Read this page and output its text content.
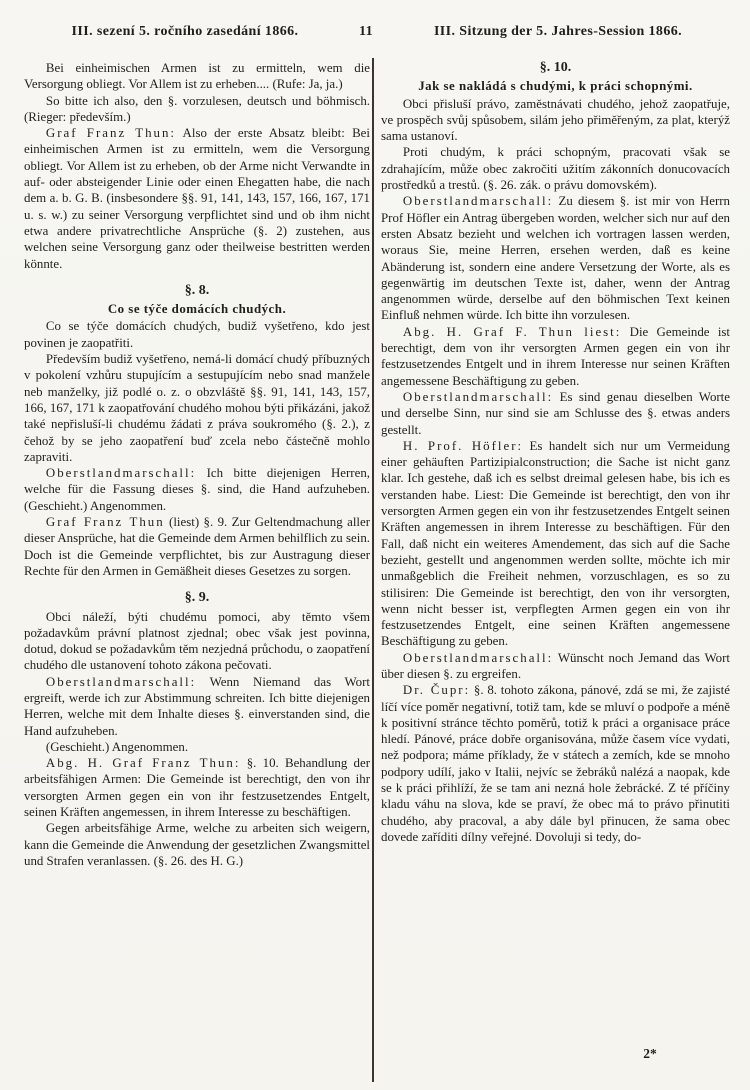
III. sezení 5. ročního zasedání 1866.	11	III. Sitzung der 5. Jahres-Session 1866.
Bei einheimischen Armen ist zu ermitteln, wem die Versorgung obliegt. Vor Allem ist zu erheben.... (Rufe: Ja, ja.)
So bitte ich also, den §. vorzulesen, deutsch und böhmisch. (Rieger: především.)
Graf Franz Thun: Also der erste Absatz bleibt: Bei einheimischen Armen ist zu ermitteln, wem die Versorgung obliegt. Vor Allem ist zu erheben, ob der Arme nicht Verwandte in auf- oder absteigender Linie oder einen Ehegatten habe, die nach dem a. b. G. B. (insbesondere §§. 91, 141, 143, 157, 166, 167, 171 u. s. w.) zu seiner Versorgung verpflichtet sind und ob ihm nicht etwa andere privatrechtliche Ansprüche (§. 2) zustehen, aus welchen seine Versorgung ganz oder theilweise bestritten werden könnte.
§. 8.
Co se týče domácích chudých.
Co se týče domácích chudých, budiž vyšetřeno, kdo jest povinen je zaopatřiti.
Především budiž vyšetřeno, nemá-li domácí chudý příbuzných v pokolení vzhůru stupujícím a sestupujícím nebo snad manžele neb manželky, již podlé o. z. o obzvláště §§. 91, 141, 143, 157, 166, 167, 171 k zaopatřování chudého mohou býti přikázáni, jakož také nepřisluší-li chudému žádati z práva soukromého (§. 2.), z čehož by se jeho zaopatření buď zcela nebo částečně mohlo zapraviti.
Oberstlandmarschall: Ich bitte diejenigen Herren, welche für die Fassung dieses §. sind, die Hand aufzuheben. (Geschieht.) Angenommen.
Graf Franz Thun (liest) §. 9. Zur Geltendmachung aller dieser Ansprüche, hat die Gemeinde dem Armen behilflich zu sein. Doch ist die Gemeinde verpflichtet, bis zur Austragung dieser Rechte für den Armen in Gemäßheit dieses Gesetzes zu sorgen.
§. 9.
Obci náleží, býti chudému pomoci, aby těmto všem požadavkům právní platnost zjednal; obec však jest povinna, dotud, dokud se požadavkům těm nezjedná průchodu, o zaopatření chudého dle ustanovení tohoto zákona pečovati.
Oberstlandmarschall: Wenn Niemand das Wort ergreift, werde ich zur Abstimmung schreiten. Ich bitte diejenigen Herren, welche mit dem Inhalte dieses §. einverstanden sind, die Hand aufzuheben.
(Geschieht.) Angenommen.
Abg. H. Graf Franz Thun: §. 10. Behandlung der arbeitsfähigen Armen: Die Gemeinde ist berechtigt, den von ihr versorgten Armen gegen ein von ihr festzusetzendes Entgelt, seinen Kräften angemessen, in ihrem Interesse zu beschäftigen.
Gegen arbeitsfähige Arme, welche zu arbeiten sich weigern, kann die Gemeinde die Anwendung der gesetzlichen Zwangsmittel und Strafen veranlassen. (§. 26. des H. G.)
§. 10.
Jak se nakládá s chudými, k práci schopnými.
Obci přisluší právo, zaměstnávati chudého, jehož zaopatřuje, ve prospěch svůj spůsobem, silám jeho přiměřeným, za plat, kterýž sama ustanoví.
Proti chudým, k práci schopným, pracovati však se zdrahajícím, může obec zakročiti užitím zákonních donucovacích prostředků a trestů. (§. 26. zák. o právu domovském).
Oberstlandmarschall: Zu diesem §. ist mir von Herrn Prof Höfler ein Antrag übergeben worden, welcher sich nur auf den ersten Absatz bezieht und welchen ich vortragen lassen werden, woraus Sie, meine Herren, ersehen werden, daß es keine Abänderung ist, sondern eine andere Versetzung der Worte, als es gegenwärtig im deutschen Texte ist, daher, wenn der Antrag angenommen würde, derselbe auf den böhmischen Text keinen Einfluß nehmen würde. Ich bitte ihn vorzulesen.
Abg. H. Graf F. Thun liest: Die Gemeinde ist berechtigt, dem von ihr versorgten Armen gegen ein von ihr festzusetzendes Entgelt und in ihrem Interesse nur seinen Kräften angemessene Beschäftigung zu geben.
Oberstlandmarschall: Es sind genau dieselben Worte und derselbe Sinn, nur sind sie am Schlusse des §. etwas anders gestellt.
H. Prof. Höfler: Es handelt sich nur um Vermeidung einer gehäuften Partizipialconstruction; die Sache ist nicht ganz klar. Ich gestehe, daß ich es selbst dreimal gelesen habe, bis ich es verstanden habe. Liest: Die Gemeinde ist berechtigt, den von ihr versorgten Armen gegen ein von ihr festzusetzendes Entgelt seinen Kräften angemessen in ihrem Interesse zu beschäftigen. Für den Fall, daß nicht ein weiteres Amendement, das sich auf die Sache bezieht, gestellt und angenommen werden sollte, möchte ich mir unmaßgeblich die Freiheit nehmen, vorzuschlagen, es so zu stilisiren: Die Gemeinde ist berechtigt, den von ihr versorgten, wenn nicht besser ist, verpflegten Armen gegen ein von ihr festzusetzendes Entgelt, eine seinen Kräften angemessene Beschäftigung zu geben.
Oberstlandmarschall: Wünscht noch Jemand das Wort über diesen §. zu ergreifen.
Dr. Čupr: §. 8. tohoto zákona, pánové, zdá se mi, že zajisté líčí více poměr negativní, totiž tam, kde se mluví o podpoře a méně k positivní stránce těchto poměrů, totiž k práci a organisace práce hledí. Pánové, práce dobře organisována, může časem více vydati, než podpora; máme příklady, že v státech a zemích, kde se mnoho podpory udílí, jako v Italii, nejvíc se žebráků nalézá a naopak, kde se k práci přihlíží, že se tam ani nezná hole žebrácké. Z té příčiny kladu váhu na slova, kde se praví, že obec má to právo přinutiti chudého, aby pracoval, a aby dále byl přinucen, že sama obec dovede zaříditi dílny veřejné. Dovoluji si tedy, do-
2*
